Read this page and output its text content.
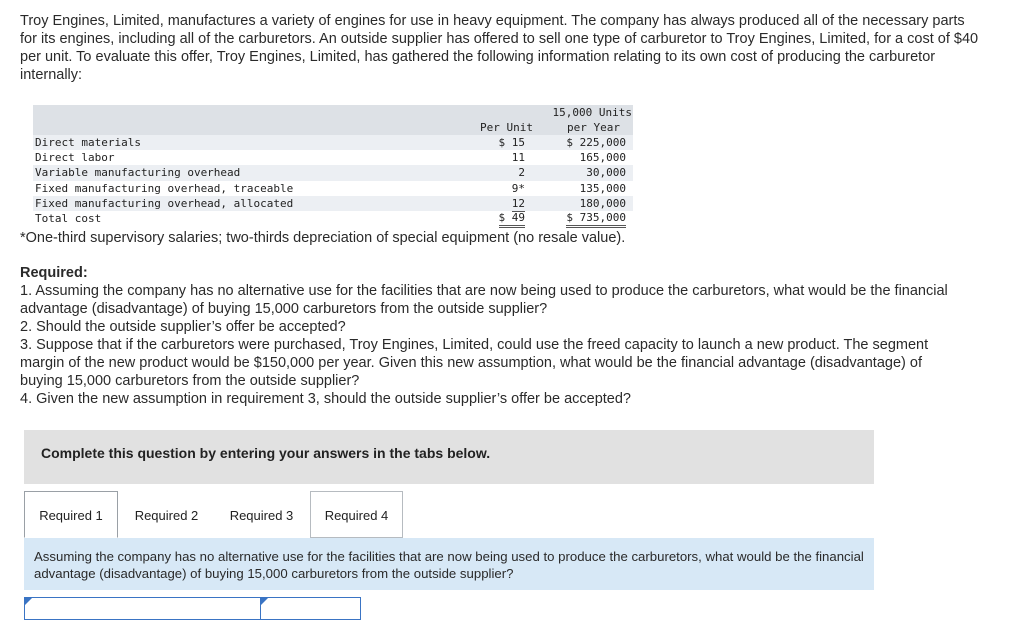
Troy Engines, Limited, manufactures a variety of engines for use in heavy equipment. The company has always produced all of the necessary parts for its engines, including all of the carburetors. An outside supplier has offered to sell one type of carburetor to Troy Engines, Limited, for a cost of $40 per unit. To evaluate this offer, Troy Engines, Limited, has gathered the following information relating to its own cost of producing the carburetor internally:
15,000 Units
Per Unit	per Year
Direct materials	$ 15	$ 225,000
Direct labor	11	165,000
Variable manufacturing overhead	2	30,000
Fixed manufacturing overhead, traceable	9*	135,000
Fixed manufacturing overhead, allocated	12	180,000
Total cost	$ 49	$ 735,000
*One-third supervisory salaries; two-thirds depreciation of special equipment (no resale value).
Required:
1. Assuming the company has no alternative use for the facilities that are now being used to produce the carburetors, what would be the financial advantage (disadvantage) of buying 15,000 carburetors from the outside supplier?
2. Should the outside supplier’s offer be accepted?
3. Suppose that if the carburetors were purchased, Troy Engines, Limited, could use the freed capacity to launch a new product. The segment margin of the new product would be $150,000 per year. Given this new assumption, what would be the financial advantage (disadvantage) of buying 15,000 carburetors from the outside supplier?
4. Given the new assumption in requirement 3, should the outside supplier’s offer be accepted?
Complete this question by entering your answers in the tabs below.
Required 1	Required 2	Required 3	Required 4
Assuming the company has no alternative use for the facilities that are now being used to produce the carburetors, what would be the financial advantage (disadvantage) of buying 15,000 carburetors from the outside supplier?
